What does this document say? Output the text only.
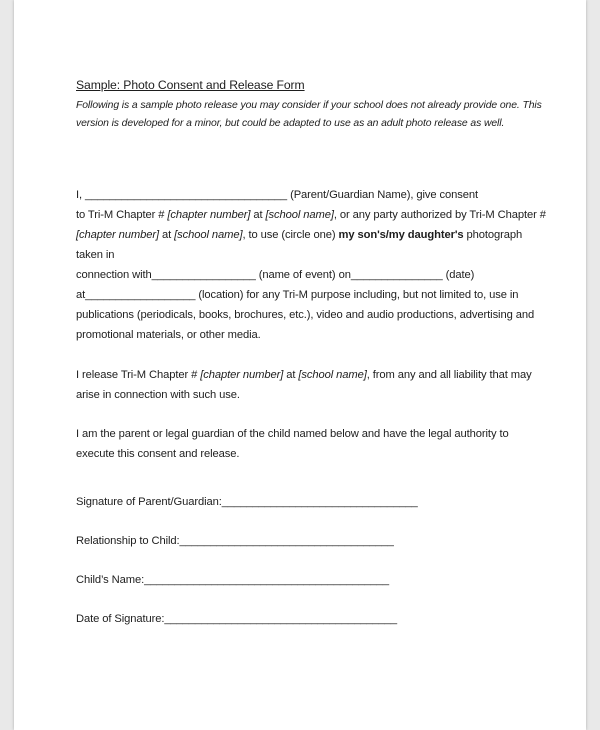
Sample: Photo Consent and Release Form

Following is a sample photo release you may consider if your school does not already provide one. This version is developed for a minor, but could be adapted to use as an adult photo release as well.

I, _________________________________ (Parent/Guardian Name), give consent
to Tri-M Chapter # [chapter number] at [school name], or any party authorized by Tri-M Chapter #
[chapter number] at [school name], to use (circle one) my son's/my daughter's photograph taken in
connection with_________________ (name of event) on_______________ (date)
at__________________ (location) for any Tri-M purpose including, but not limited to, use in publications (periodicals, books, brochures, etc.), video and audio productions, advertising and promotional materials, or other media.

I release Tri-M Chapter # [chapter number] at [school name], from any and all liability that may arise in connection with such use.

I am the parent or legal guardian of the child named below and have the legal authority to execute this consent and release.

Signature of Parent/Guardian:________________________________
Relationship to Child:___________________________________
Child’s Name:________________________________________
Date of Signature:______________________________________
